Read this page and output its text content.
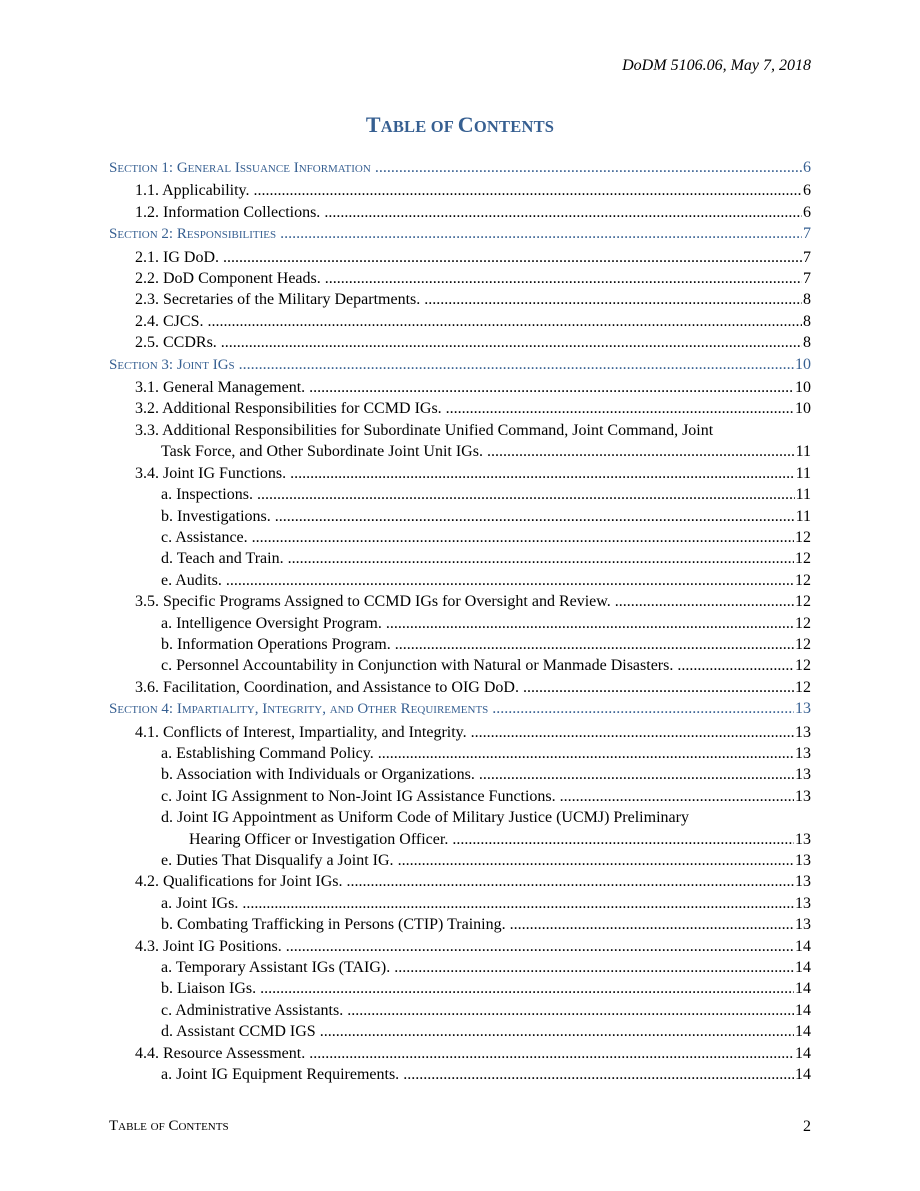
DoDM 5106.06, May 7, 2018
TABLE OF CONTENTS
SECTION 1: GENERAL ISSUANCE INFORMATION .....	6
1.1. Applicability. .....	6
1.2. Information Collections. .....	6
SECTION 2: RESPONSIBILITIES .....	7
2.1. IG DoD. .....	7
2.2. DoD Component Heads. .....	7
2.3. Secretaries of the Military Departments. .....	8
2.4. CJCS. .....	8
2.5. CCDRs. .....	8
SECTION 3: JOINT IGS .....	10
3.1. General Management. .....	10
3.2. Additional Responsibilities for CCMD IGs. .....	10
3.3. Additional Responsibilities for Subordinate Unified Command, Joint Command, Joint
Task Force, and Other Subordinate Joint Unit IGs. .....	11
3.4. Joint IG Functions. .....	11
a. Inspections. .....	11
b. Investigations. .....	11
c. Assistance. .....	12
d. Teach and Train. .....	12
e. Audits. .....	12
3.5. Specific Programs Assigned to CCMD IGs for Oversight and Review. .....	12
a. Intelligence Oversight Program. .....	12
b. Information Operations Program. .....	12
c. Personnel Accountability in Conjunction with Natural or Manmade Disasters. .....	12
3.6. Facilitation, Coordination, and Assistance to OIG DoD. .....	12
SECTION 4: IMPARTIALITY, INTEGRITY, AND OTHER REQUIREMENTS .....	13
4.1. Conflicts of Interest, Impartiality, and Integrity. .....	13
a. Establishing Command Policy. .....	13
b. Association with Individuals or Organizations. .....	13
c. Joint IG Assignment to Non-Joint IG Assistance Functions. .....	13
d. Joint IG Appointment as Uniform Code of Military Justice (UCMJ) Preliminary
Hearing Officer or Investigation Officer. .....	13
e. Duties That Disqualify a Joint IG. .....	13
4.2. Qualifications for Joint IGs. .....	13
a. Joint IGs. .....	13
b. Combating Trafficking in Persons (CTIP) Training. .....	13
4.3. Joint IG Positions. .....	14
a. Temporary Assistant IGs (TAIG). .....	14
b. Liaison IGs. .....	14
c. Administrative Assistants. .....	14
d. Assistant CCMD IGS .....	14
4.4. Resource Assessment. .....	14
a. Joint IG Equipment Requirements. .....	14
TABLE OF CONTENTS	2
